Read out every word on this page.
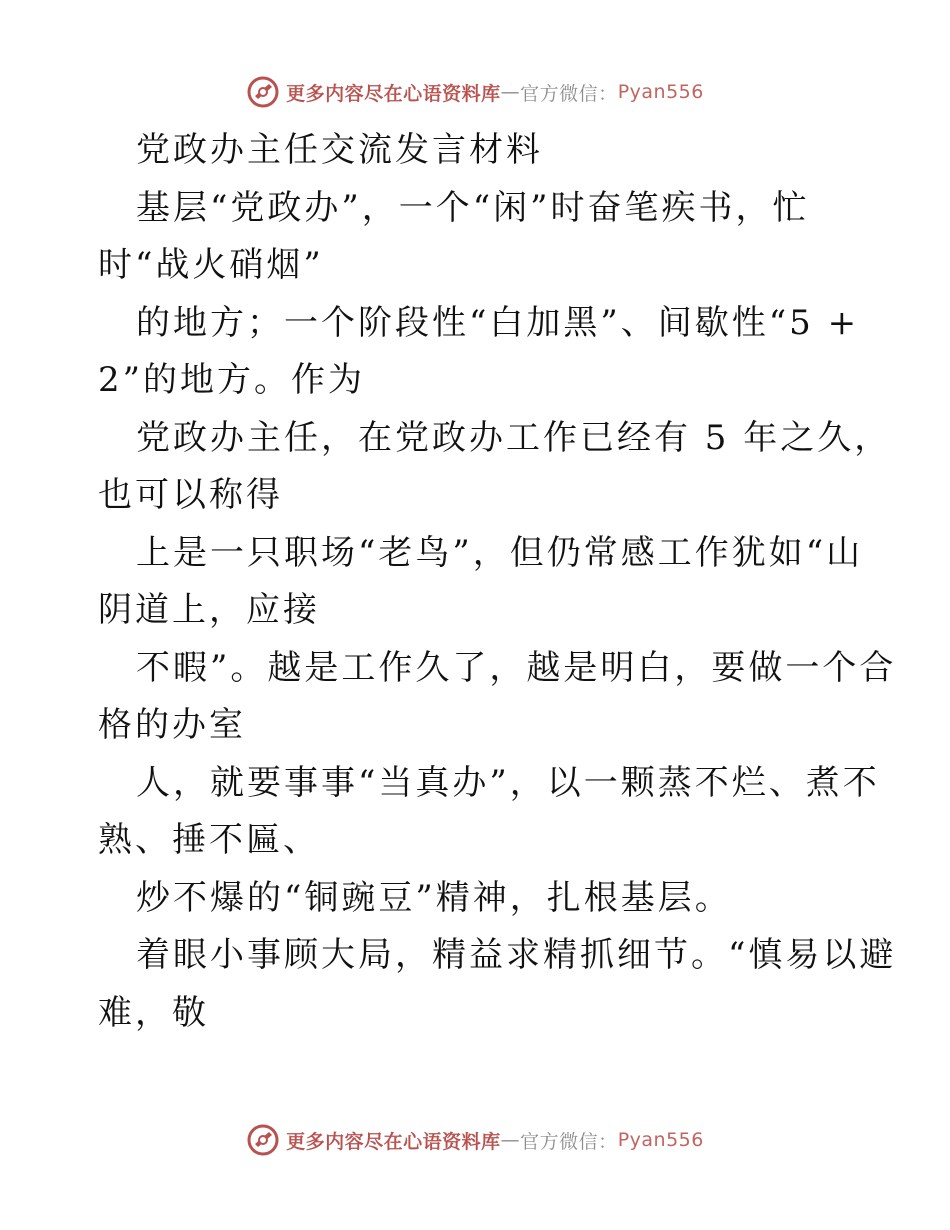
更多内容尽在心语资料库 — 官方微信： Pyan556
党政办主任交流发言材料
基层“党政办”，一个“闲”时奋笔疾书，忙
时“战火硝烟”
的地方；一个阶段性“白加黑”、间歇性“5 +
2”的地方。作为
党政办主任，在党政办工作已经有 5 年之久，
也可以称得
上是一只职场“老鸟”，但仍常感工作犹如“山
阴道上，应接
不暇”。越是工作久了，越是明白，要做一个合
格的办室
人，就要事事“当真办”，以一颗蒸不烂、煮不
熟、捶不匾、
炒不爆的“铜豌豆”精神，扎根基层。
着眼小事顾大局，精益求精抓细节。“慎易以避
难，敬
更多内容尽在心语资料库 — 官方微信： Pyan556
